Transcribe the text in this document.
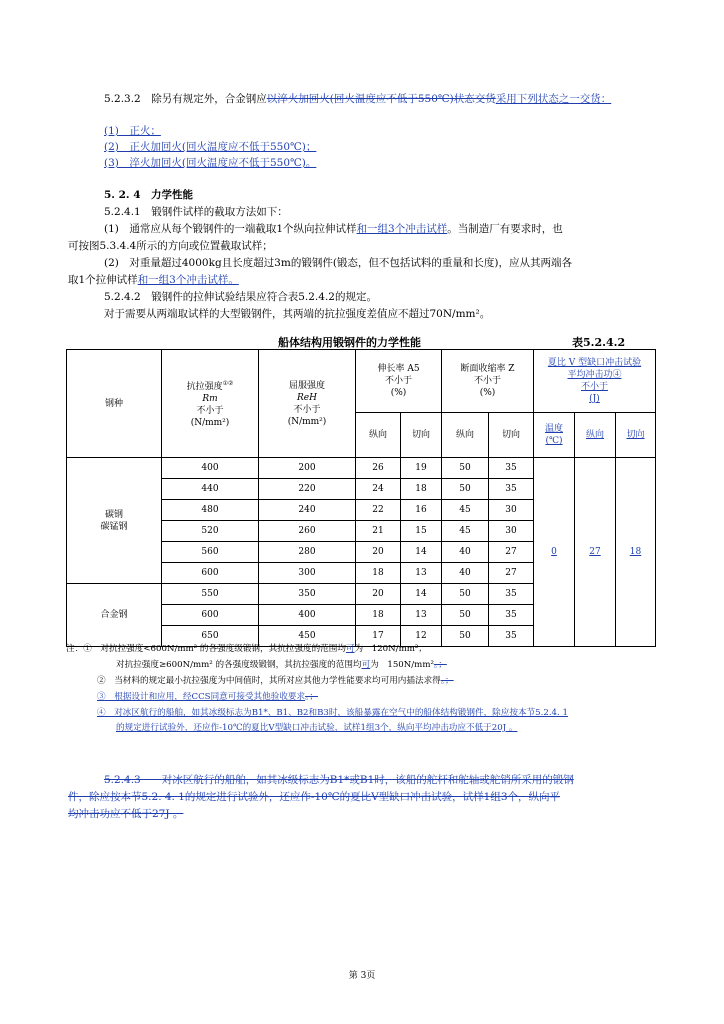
5.2.3.2　 除另有规定外，合金钢应以淬火加回火(回火温度应不低于550℃)状态交货采用下列状态之一交货：
(1)　正火；
(2)　正火加回火(回火温度应不低于550℃)；
(3)　淬火加回火(回火温度应不低于550℃)。
5. 2. 4　力学性能
5.2.4.1　锻钢件试样的截取方法如下：
(1)　通常应从每个锻钢件的一端截取1个纵向拉伸试样和一组3个冲击试样。当制造厂有要求时，也
可按图5.3.4.4所示的方向或位置截取试样；
(2)　对重量超过4000kg且长度超过3m的锻钢件(锻态，但不包括试料的重量和长度)，应从其两端各
取1个拉伸试样和一组3个冲击试样。
5.2.4.2　锻钢件的拉伸试验结果应符合表5.2.4.2的规定。
对于需要从两端取试样的大型锻钢件，其两端的抗拉强度差值应不超过70N/mm²。
船体结构用锻钢件的力学性能	表5.2.4.2
钢种	抗拉强度①②
Rm
不小于
(N/mm²)	屈服强度
ReH
不小于
(N/mm²)	伸长率 A5
不小于
(%)		断面收缩率 Z
不小于
(%)		夏比 V 型缺口冲击试验
平均冲击功④
不小于
(J)		
			纵向	切向	纵向	切向	温度
(℃)	纵向	切向
碳钢
碳锰钢	400	200	26	19	50	35	0	27	18
	440	220	24	18	50	35			
	480	240	22	16	45	30			
	520	260	21	15	45	30			
	560	280	20	14	40	27			
	600	300	18	13	40	27			
合金钢	550	350	20	14	50	35			
	600	400	18	13	50	35			
	650	450	17	12	50	35			
注：①　对抗拉强度<600N/mm² 的各强度级锻钢，其抗拉强度的范围均可为　120N/mm²；
对抗拉强度≥600N/mm² 的各强度级锻钢，其抗拉强度的范围均可为　150N/mm²。；
②　当材料的规定最小抗拉强度为中间值时，其所对应其他力学性能要求均可用内插法求得。；
③　根据设计和应用，经CCS同意可接受其他验收要求。；
④　对冰区航行的船舶，如其冰级标志为B1*、B1、B2和B3时，该船暴露在空气中的船体结构锻钢件，除应按本节5.2.4. 1
的规定进行试验外，还应作-10℃的夏比V型缺口冲击试验，试样1组3个，纵向平均冲击功应不低于20J 。
5.2.4.3　　对冰区航行的船舶，如其冰级标志为B1*或B1时，该船的舵杆和舵轴或舵销所采用的锻钢
件，除应按本节5.2. 4. 1的规定进行试验外，还应作-10℃的夏比V型缺口冲击试验，试样1组3个，纵向平
均冲击功应不低于27J 。
第 3页
